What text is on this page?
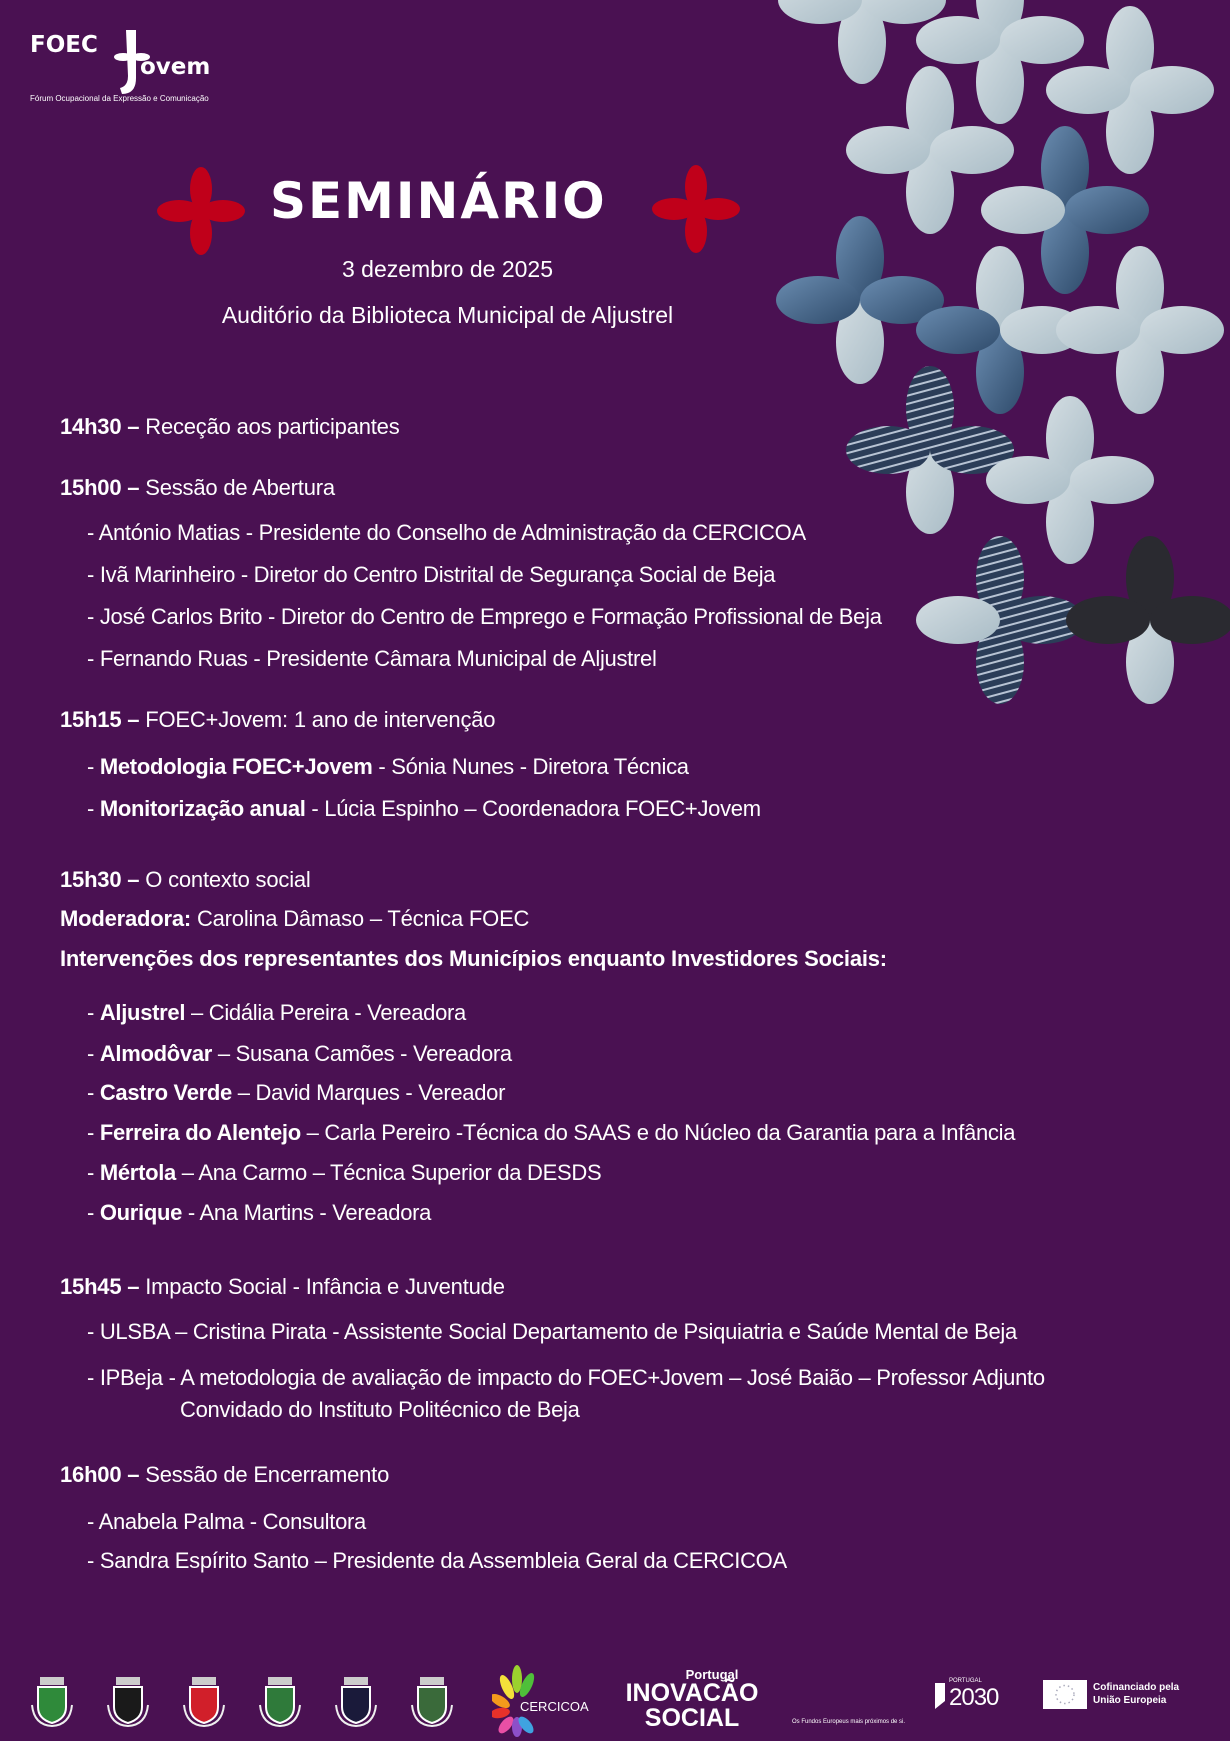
FOEC
ovem
Fórum Ocupacional da Expressão e Comunicação
SEMINÁRIO
3 dezembro de 2025
Auditório da Biblioteca Municipal de Aljustrel
14h30 – Receção aos participantes
15h00 – Sessão de Abertura
- António Matias - Presidente do Conselho de Administração da CERCICOA
- Ivã Marinheiro - Diretor do Centro Distrital de Segurança Social de Beja
- José Carlos Brito - Diretor do Centro de Emprego e Formação Profissional de Beja
- Fernando Ruas - Presidente Câmara Municipal de Aljustrel
15h15 – FOEC+Jovem: 1 ano de intervenção
- Metodologia FOEC+Jovem - Sónia Nunes - Diretora Técnica
- Monitorização anual - Lúcia Espinho – Coordenadora FOEC+Jovem
15h30 – O contexto social
Moderadora: Carolina Dâmaso – Técnica FOEC
Intervenções dos representantes dos Municípios enquanto Investidores Sociais:
- Aljustrel – Cidália Pereira - Vereadora
- Almodôvar – Susana Camões - Vereadora
- Castro Verde – David Marques - Vereador
- Ferreira do Alentejo – Carla Pereiro -Técnica do SAAS e do Núcleo da Garantia para a Infância
- Mértola – Ana Carmo – Técnica Superior da DESDS
- Ourique - Ana Martins - Vereadora
15h45 – Impacto Social - Infância e Juventude
- ULSBA – Cristina Pirata - Assistente Social Departamento de Psiquiatria e Saúde Mental de Beja
- IPBeja - A metodologia de avaliação de impacto do FOEC+Jovem – José Baião – Professor Adjunto
Convidado do Instituto Politécnico de Beja
16h00 – Sessão de Encerramento
- Anabela Palma - Consultora
- Sandra Espírito Santo – Presidente da Assembleia Geral da CERCICOA
CERCICOA
Portugal
INOVACÃO
SOCIAL	Os Fundos Europeus mais próximos de si.
PORTUGAL
2030	Cofinanciado pela União Europeia
